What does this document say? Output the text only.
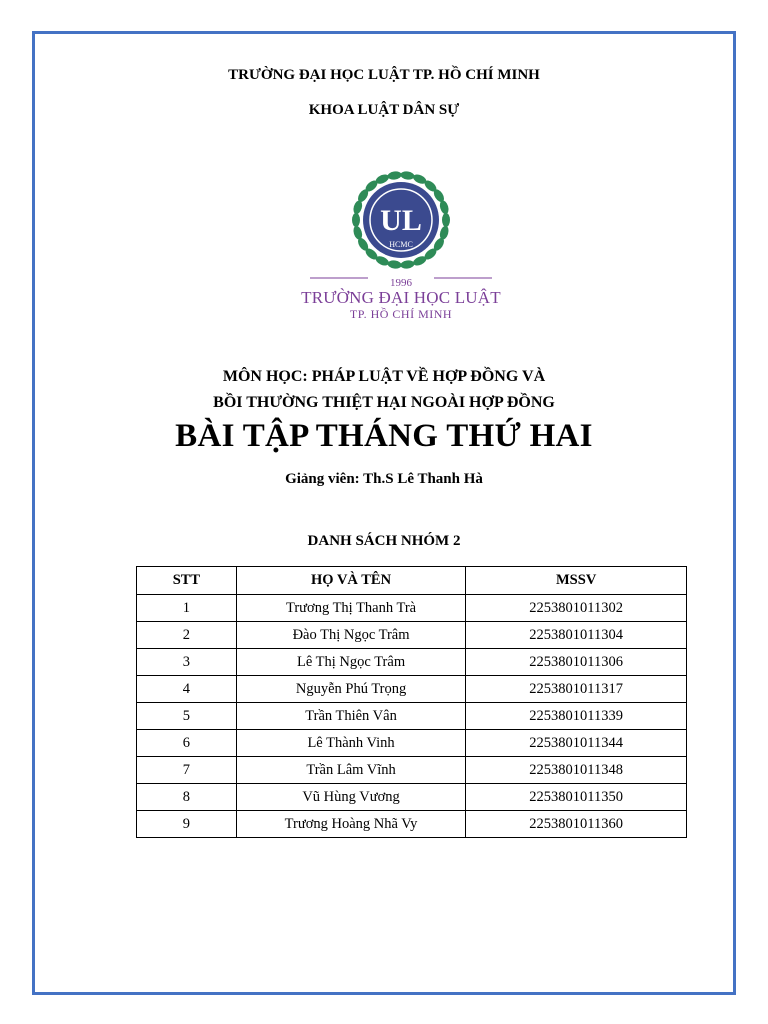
TRƯỜNG ĐẠI HỌC LUẬT TP. HỒ CHÍ MINH
KHOA LUẬT DÂN SỰ
UL
HCMC
1996
TRƯỜNG ĐẠI HỌC LUẬT
TP. HỒ CHÍ MINH
MÔN HỌC: PHÁP LUẬT VỀ HỢP ĐỒNG VÀ
BỒI THƯỜNG THIỆT HẠI NGOÀI HỢP ĐỒNG
BÀI TẬP THÁNG THỨ HAI
Giảng viên: Th.S Lê Thanh Hà
DANH SÁCH NHÓM 2
STT	HỌ VÀ TÊN	MSSV
1	Trương Thị Thanh Trà	2253801011302
2	Đào Thị Ngọc Trâm	2253801011304
3	Lê Thị Ngọc Trâm	2253801011306
4	Nguyễn Phú Trọng	2253801011317
5	Trần Thiên Vân	2253801011339
6	Lê Thành Vinh	2253801011344
7	Trần Lâm Vĩnh	2253801011348
8	Vũ Hùng Vương	2253801011350
9	Trương Hoàng Nhã Vy	2253801011360
